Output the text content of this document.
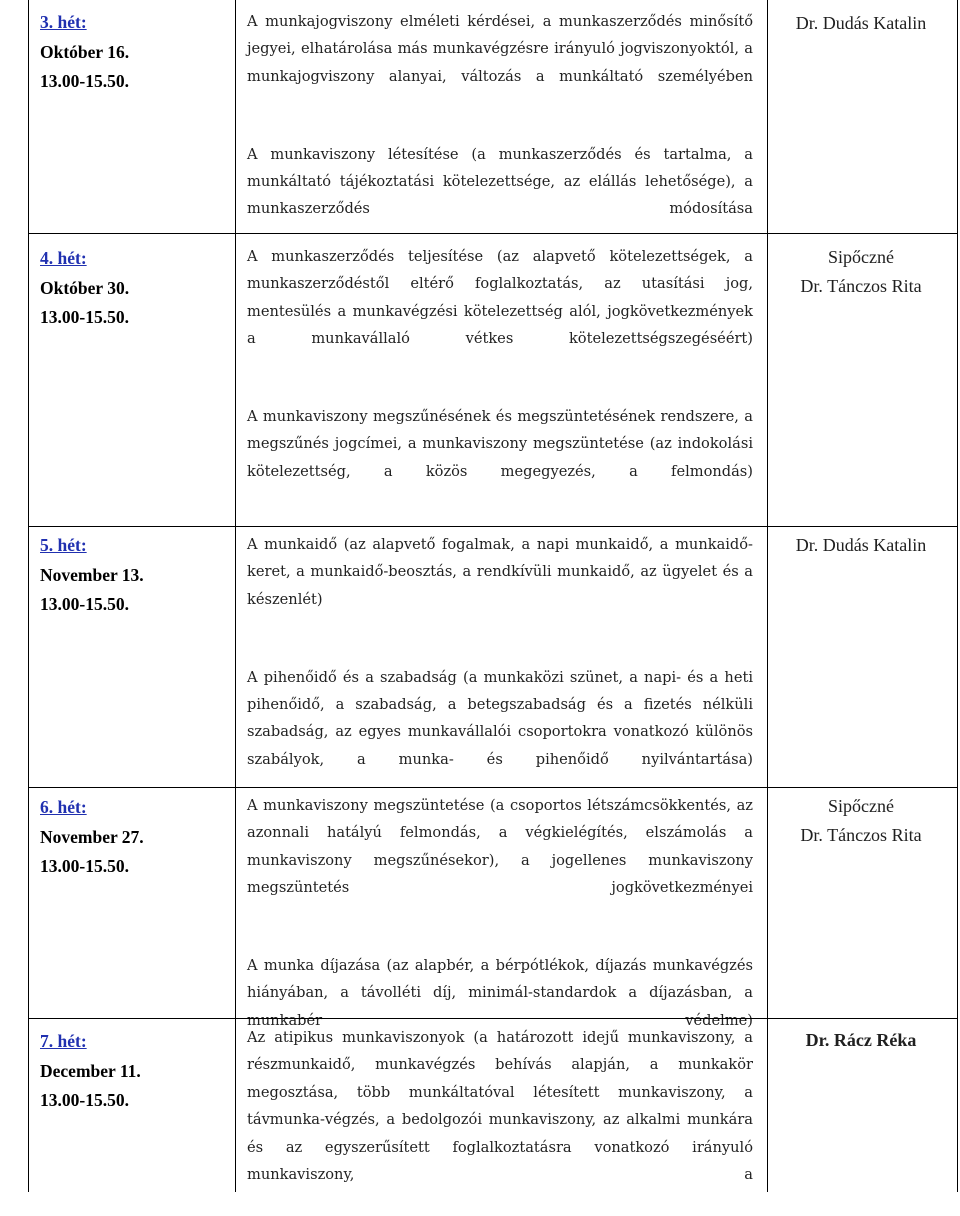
3. hét:
Október 16.
13.00-15.50.

A munkajogviszony elméleti kérdései, a munkaszerződés minősítő jegyei, elhatárolása más munkavégzésre irányuló jogviszonyoktól, a munkajogviszony alanyai, változás a munkáltató személyében

A munkaviszony létesítése (a munkaszerződés és tartalma, a munkáltató tájékoztatási kötelezettsége, az elállás lehetősége), a munkaszerződés módosítása

Dr. Dudás Katalin
4. hét:
Október 30.
13.00-15.50.

A munkaszerződés teljesítése (az alapvető kötelezettségek, a munkaszerződéstől eltérő foglalkoztatás, az utasítási jog, mentesülés a munkavégzési kötelezettség alól, jogkövetkezmények a munkavállaló vétkes kötelezettségszegéséért)

A munkaviszony megszűnésének és megszüntetésének rendszere, a megszűnés jogcímei, a munkaviszony megszüntetése (az indokolási kötelezettség, a közös megegyezés, a felmondás)

Sipőczné
Dr. Tánczos Rita
5. hét:
November 13.
13.00-15.50.

A munkaidő (az alapvető fogalmak, a napi munkaidő, a munkaidő-keret, a munkaidő-beosztás, a rendkívüli munkaidő, az ügyelet és a készenlét)

A pihenőidő és a szabadság (a munkaközi szünet, a napi- és a heti pihenőidő, a szabadság, a betegszabadság és a fizetés nélküli szabadság, az egyes munkavállalói csoportokra vonatkozó különös szabályok, a munka- és pihenőidő nyilvántartása)

Dr. Dudás Katalin
6. hét:
November 27.
13.00-15.50.

A munkaviszony megszüntetése (a csoportos létszámcsökkentés, az azonnali hatályú felmondás, a végkielégítés, elszámolás a munkaviszony megszűnésekor), a jogellenes munkaviszony megszüntetés jogkövetkezményei

A munka díjazása (az alapbér, a bérpótlékok, díjazás munkavégzés hiányában, a távolléti díj, minimál-standardok a díjazásban, a munkabér védelme)

Sipőczné
Dr. Tánczos Rita
7. hét:
December 11.
13.00-15.50.

Az atipikus munkaviszonyok (a határozott idejű munkaviszony, a részmunkaidő, munkavégzés behívás alapján, a munkakör megosztása, több munkáltatóval létesített munkaviszony, a távmunka-végzés, a bedolgozói munkaviszony, az alkalmi munkára és az egyszerűsített foglalkoztatásra vonatkozó irányuló munkaviszony, a

Dr. Rácz Réka
